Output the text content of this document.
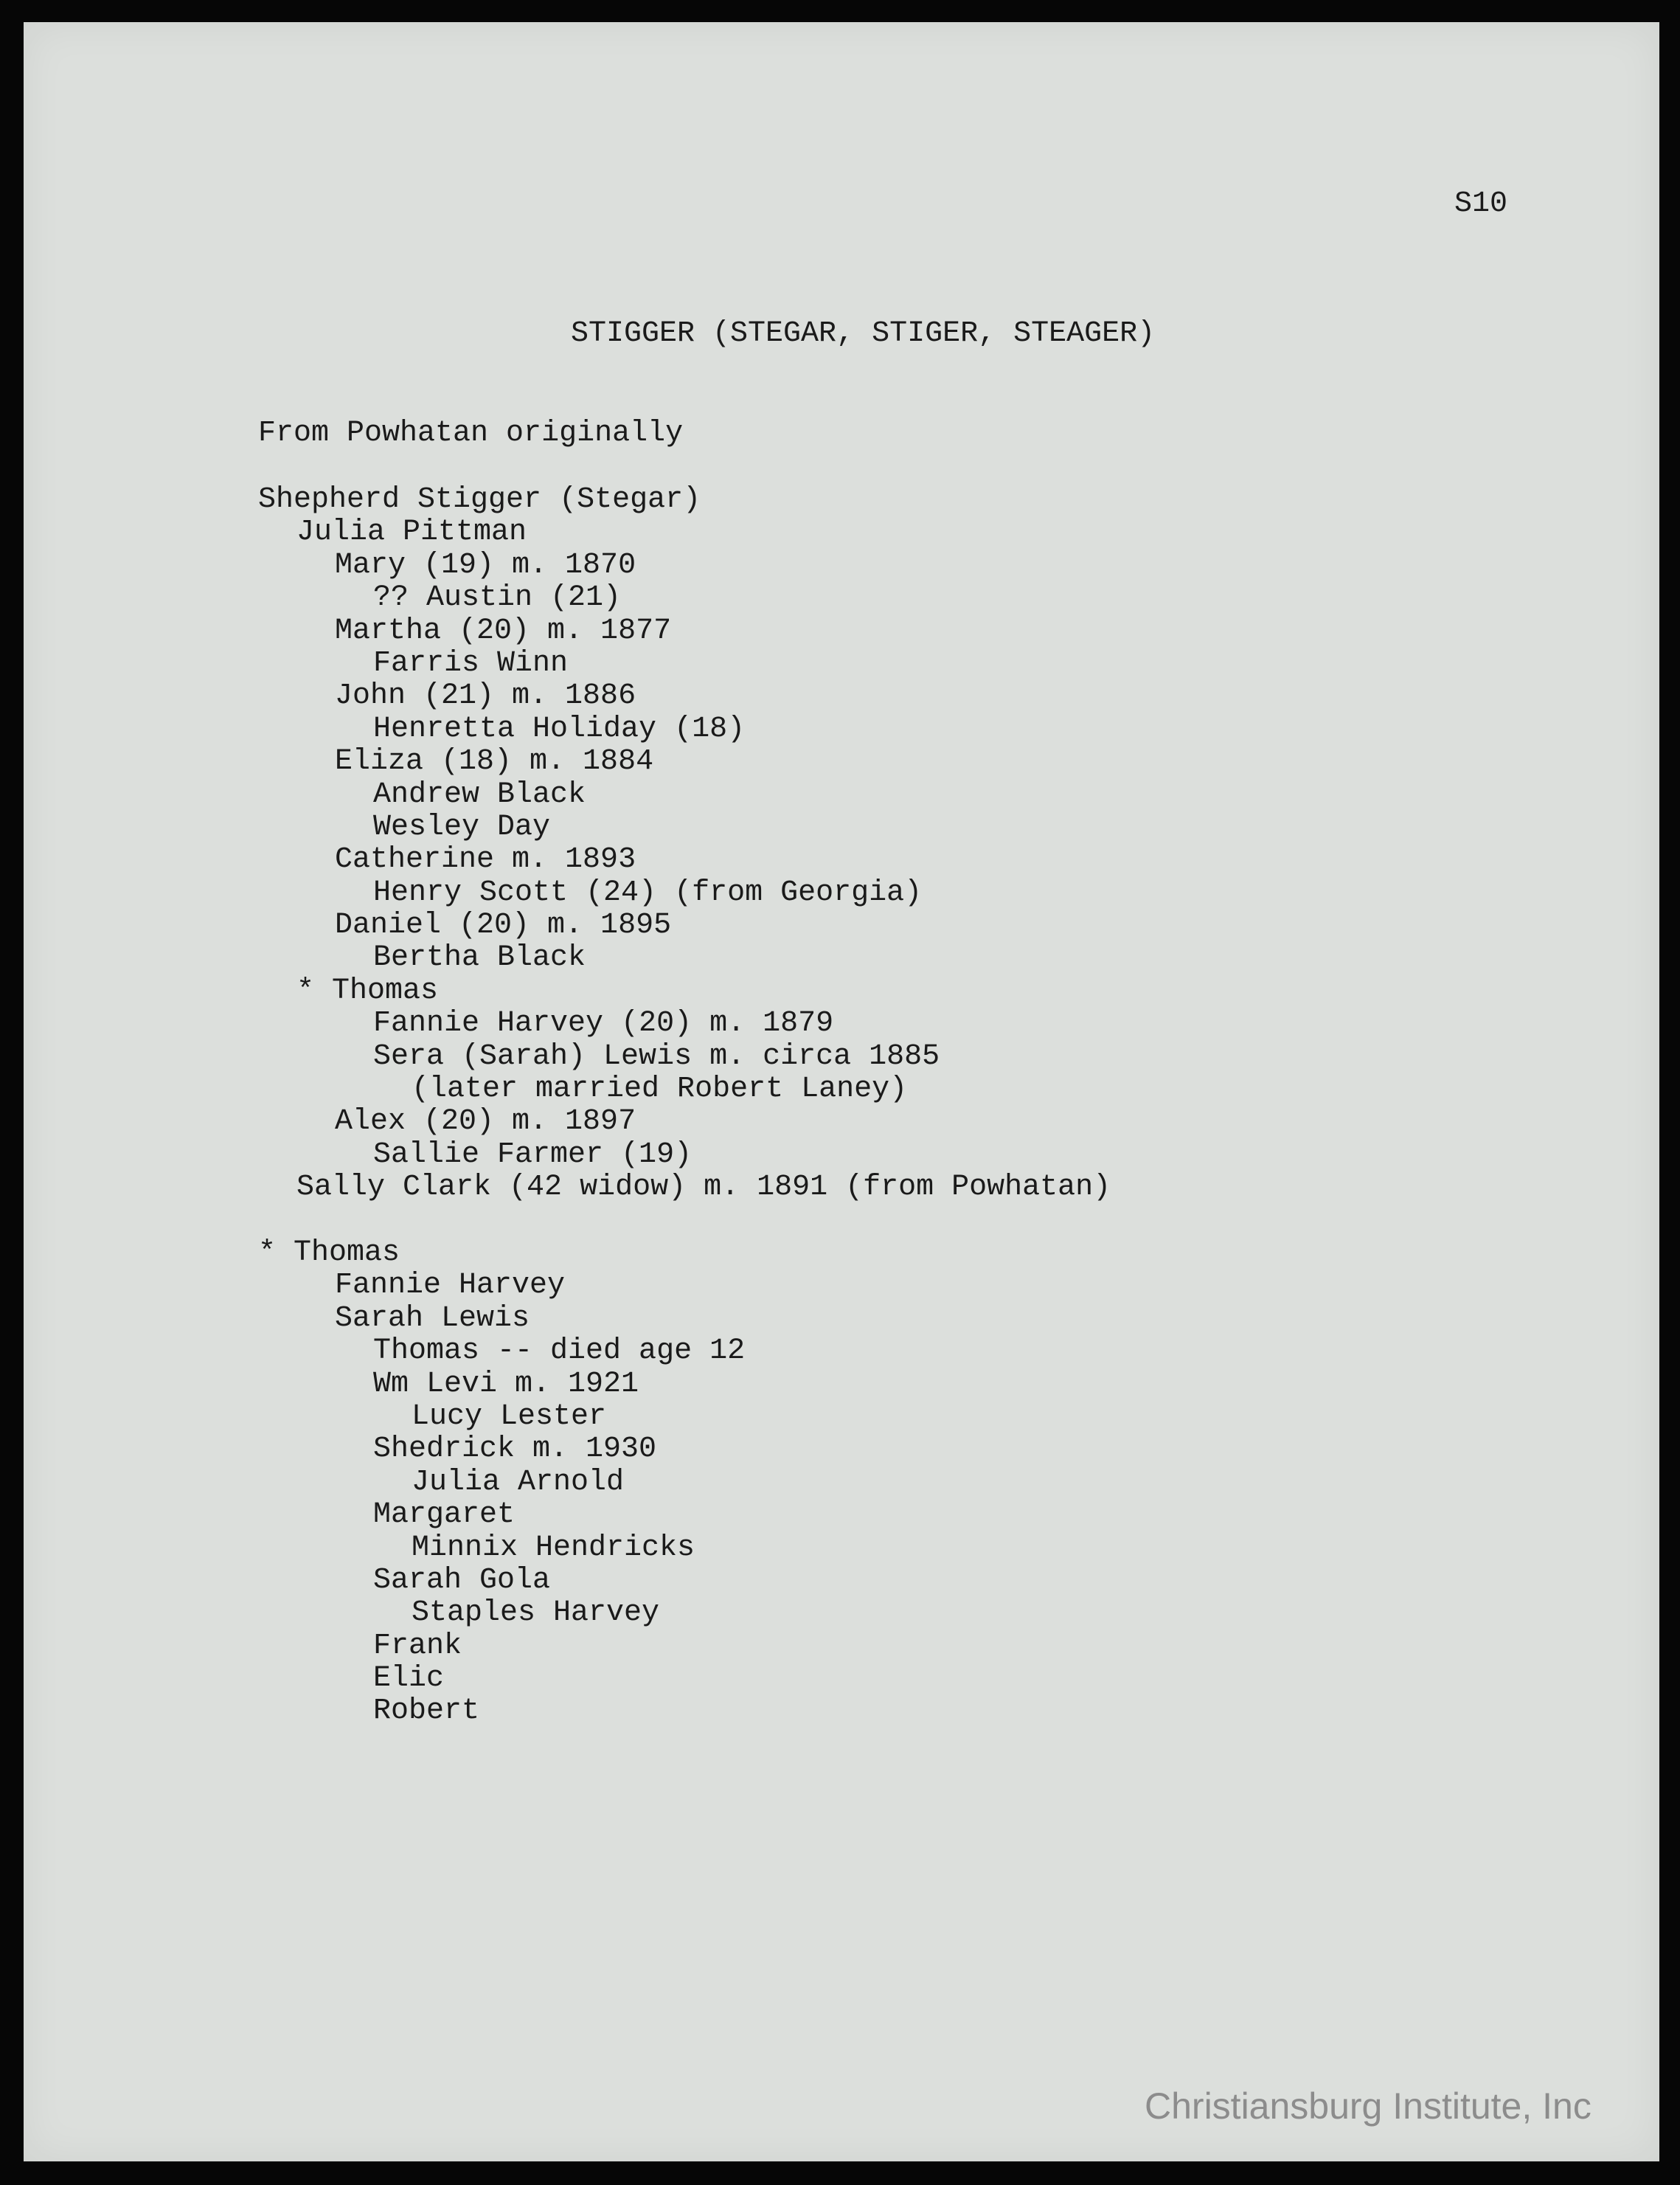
S10
STIGGER (STEGAR, STIGER, STEAGER)
From Powhatan originally
Shepherd Stigger (Stegar)
Julia Pittman
Mary (19) m. 1870
?? Austin (21)
Martha (20) m. 1877
Farris Winn
John (21) m. 1886
Henretta Holiday (18)
Eliza (18) m. 1884
Andrew Black
Wesley Day
Catherine m. 1893
Henry Scott (24) (from Georgia)
Daniel (20) m. 1895
Bertha Black
* Thomas
Fannie Harvey (20) m. 1879
Sera (Sarah) Lewis m. circa 1885
(later married Robert Laney)
Alex (20) m. 1897
Sallie Farmer (19)
Sally Clark (42 widow) m. 1891 (from Powhatan)
* Thomas
Fannie Harvey
Sarah Lewis
Thomas -- died age 12
Wm Levi m. 1921
Lucy Lester
Shedrick m. 1930
Julia Arnold
Margaret
Minnix Hendricks
Sarah Gola
Staples Harvey
Frank
Elic
Robert
Christiansburg Institute, Inc
